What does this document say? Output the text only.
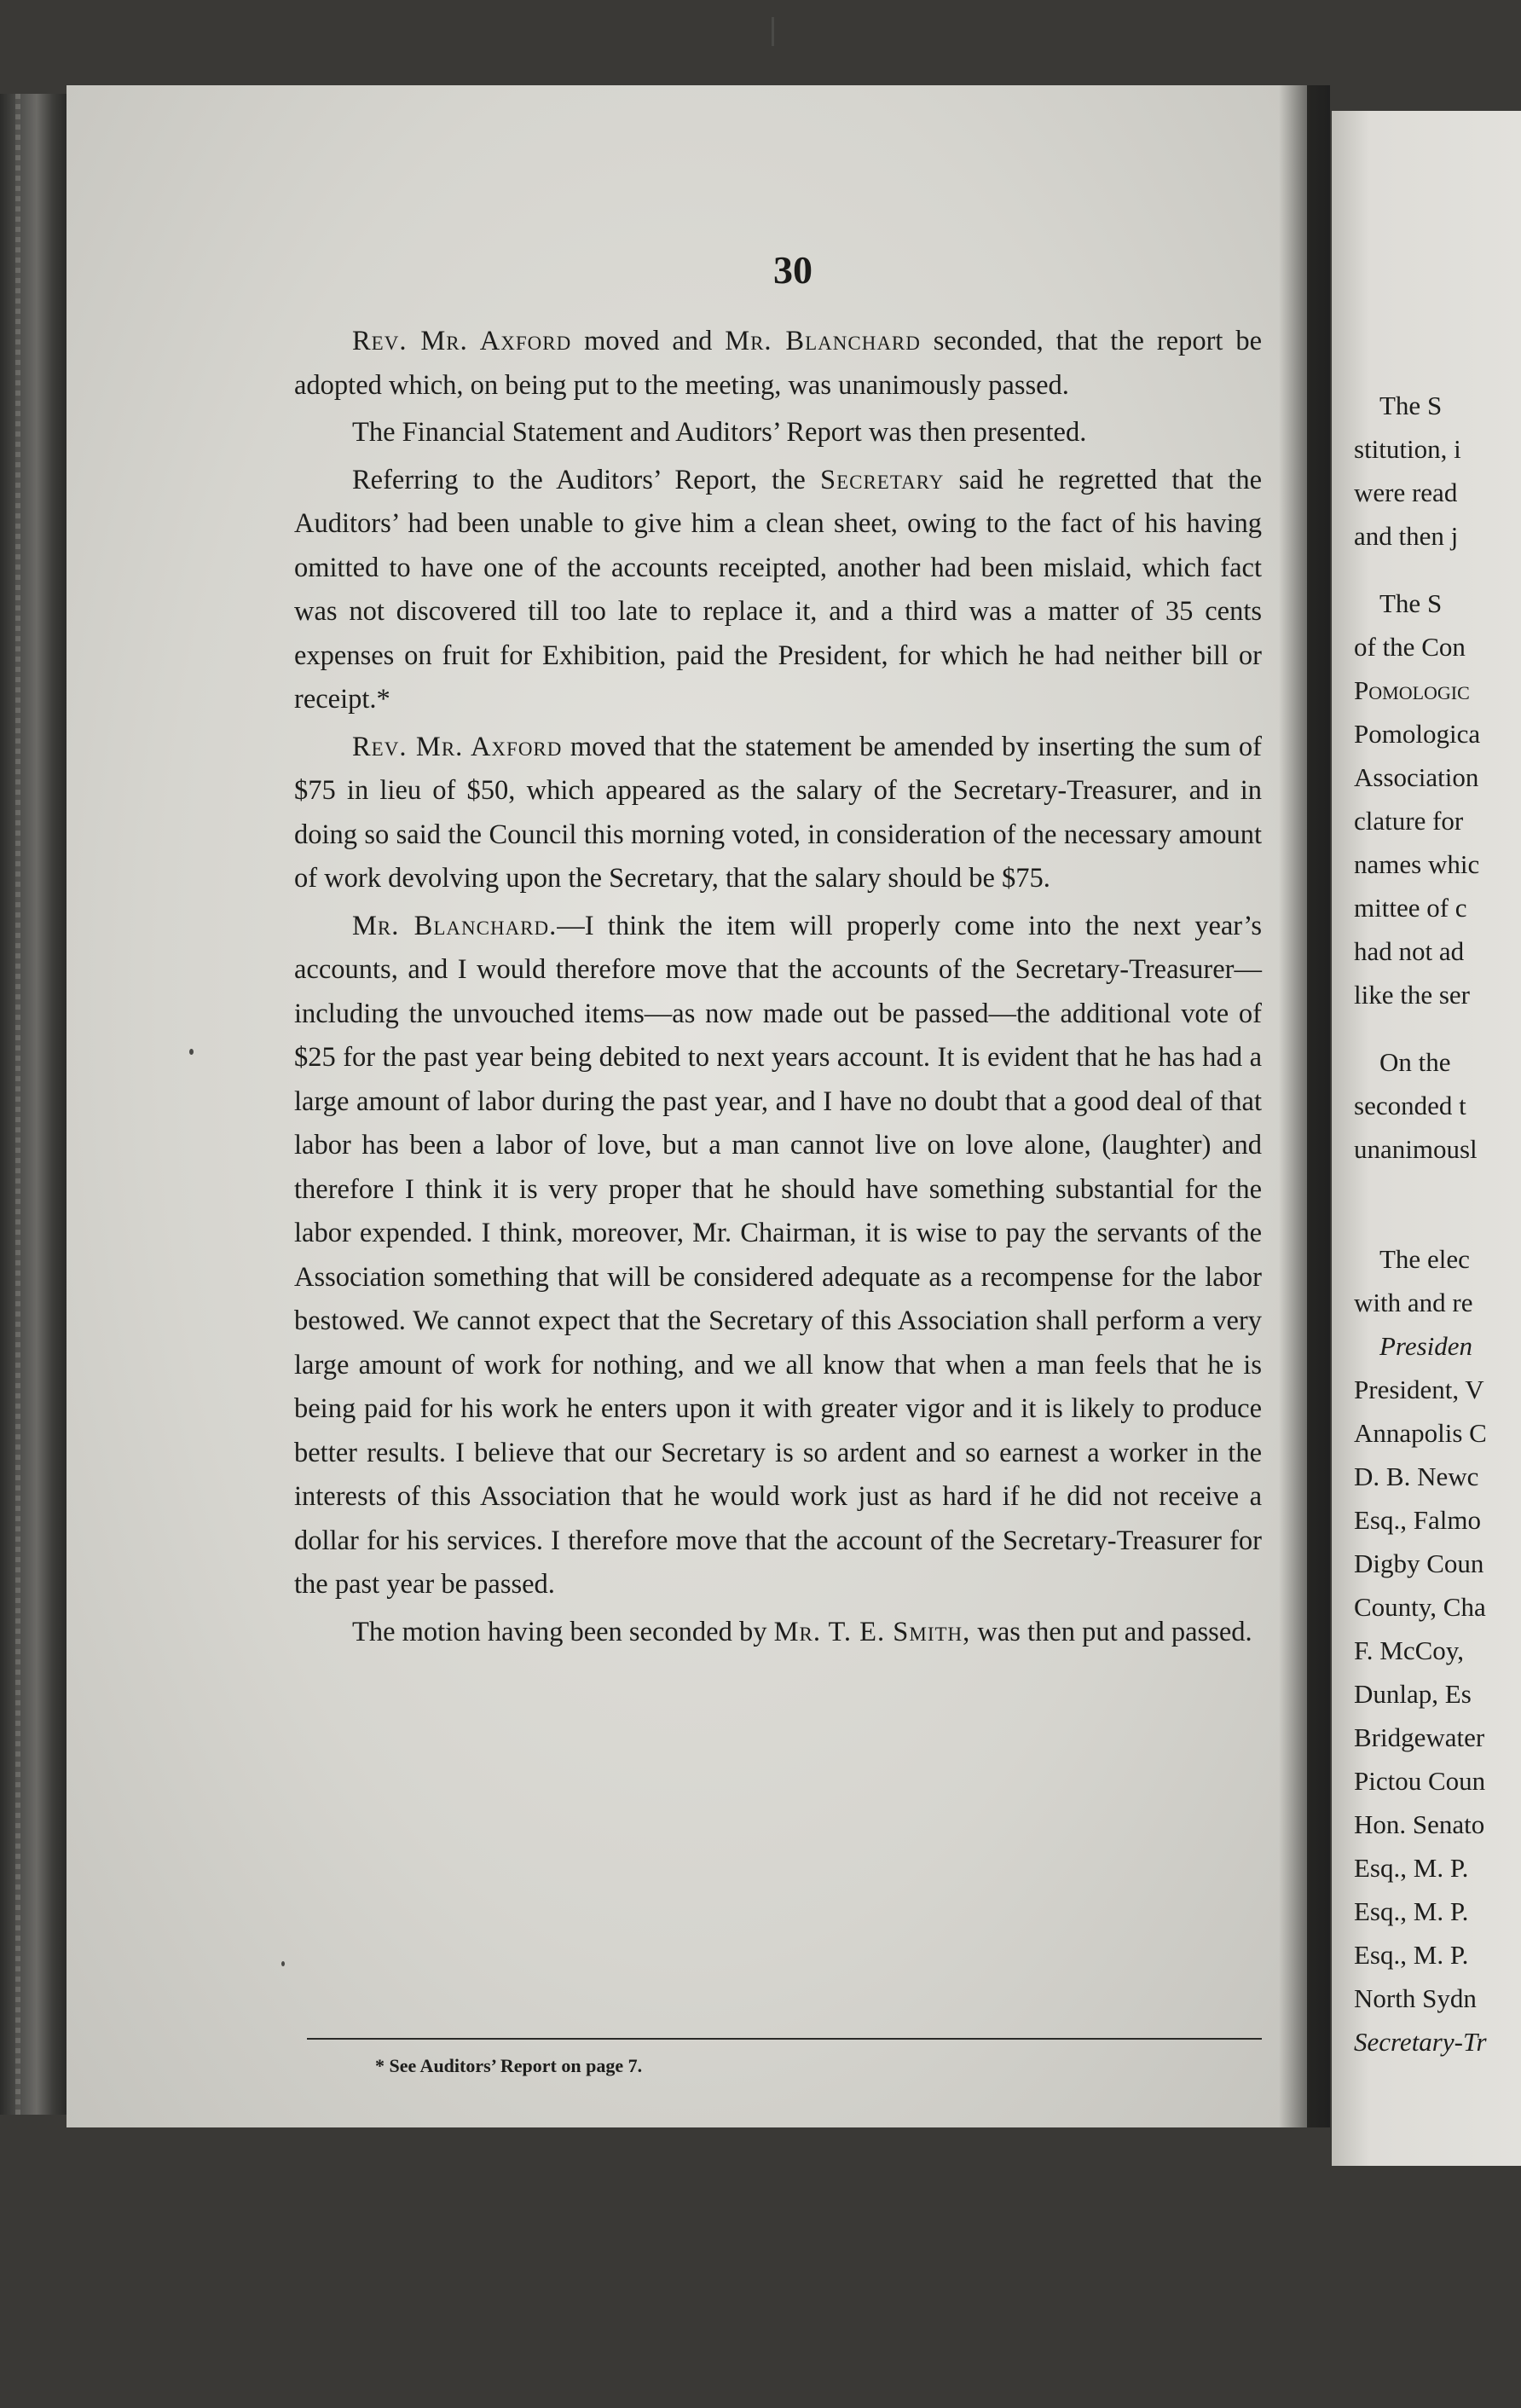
30

Rev. Mr. Axford moved and Mr. Blanchard seconded, that the report be adopted which, on being put to the meeting, was unanimously passed.

The Financial Statement and Auditors’ Report was then presented.

Referring to the Auditors’ Report, the Secretary said he regretted that the Auditors’ had been unable to give him a clean sheet, owing to the fact of his having omitted to have one of the accounts receipted, another had been mislaid, which fact was not discovered till too late to replace it, and a third was a matter of 35 cents expenses on fruit for Exhibition, paid the President, for which he had neither bill or receipt.*

Rev. Mr. Axford moved that the statement be amended by inserting the sum of $75 in lieu of $50, which appeared as the salary of the Secretary-Treasurer, and in doing so said the Council this morning voted, in consideration of the necessary amount of work devolving upon the Secretary, that the salary should be $75.

Mr. Blanchard.—I think the item will properly come into the next year’s accounts, and I would therefore move that the accounts of the Secretary-Treasurer—including the unvouched items—as now made out be passed—the additional vote of $25 for the past year being debited to next years account. It is evident that he has had a large amount of labor during the past year, and I have no doubt that a good deal of that labor has been a labor of love, but a man cannot live on love alone, (laughter) and therefore I think it is very proper that he should have something substantial for the labor expended. I think, moreover, Mr. Chairman, it is wise to pay the servants of the Association something that will be considered adequate as a recompense for the labor bestowed. We cannot expect that the Secretary of this Association shall perform a very large amount of work for nothing, and we all know that when a man feels that he is being paid for his work he enters upon it with greater vigor and it is likely to produce better results. I believe that our Secretary is so ardent and so earnest a worker in the interests of this Association that he would work just as hard if he did not receive a dollar for his services. I therefore move that the account of the Secretary-Treasurer for the past year be passed.

The motion having been seconded by Mr. T. E. Smith, was then put and passed.

* See Auditors’ Report on page 7.
The S
stitution, i
were read
and then j
The S
of the Con
Pomologic
Pomologica
Association
clature for
names whic
mittee of c
had not ad
like the ser
On the
seconded t
unanimousl
The elec
with and re
Presiden
President, V
Annapolis C
D. B. Newc
Esq., Falmo
Digby Coun
County, Cha
F. McCoy,
Dunlap, Es
Bridgewater
Pictou Coun
Hon. Senato
Esq., M. P.
Esq., M. P.
Esq., M. P.
North Sydn
Secretary-Tr
